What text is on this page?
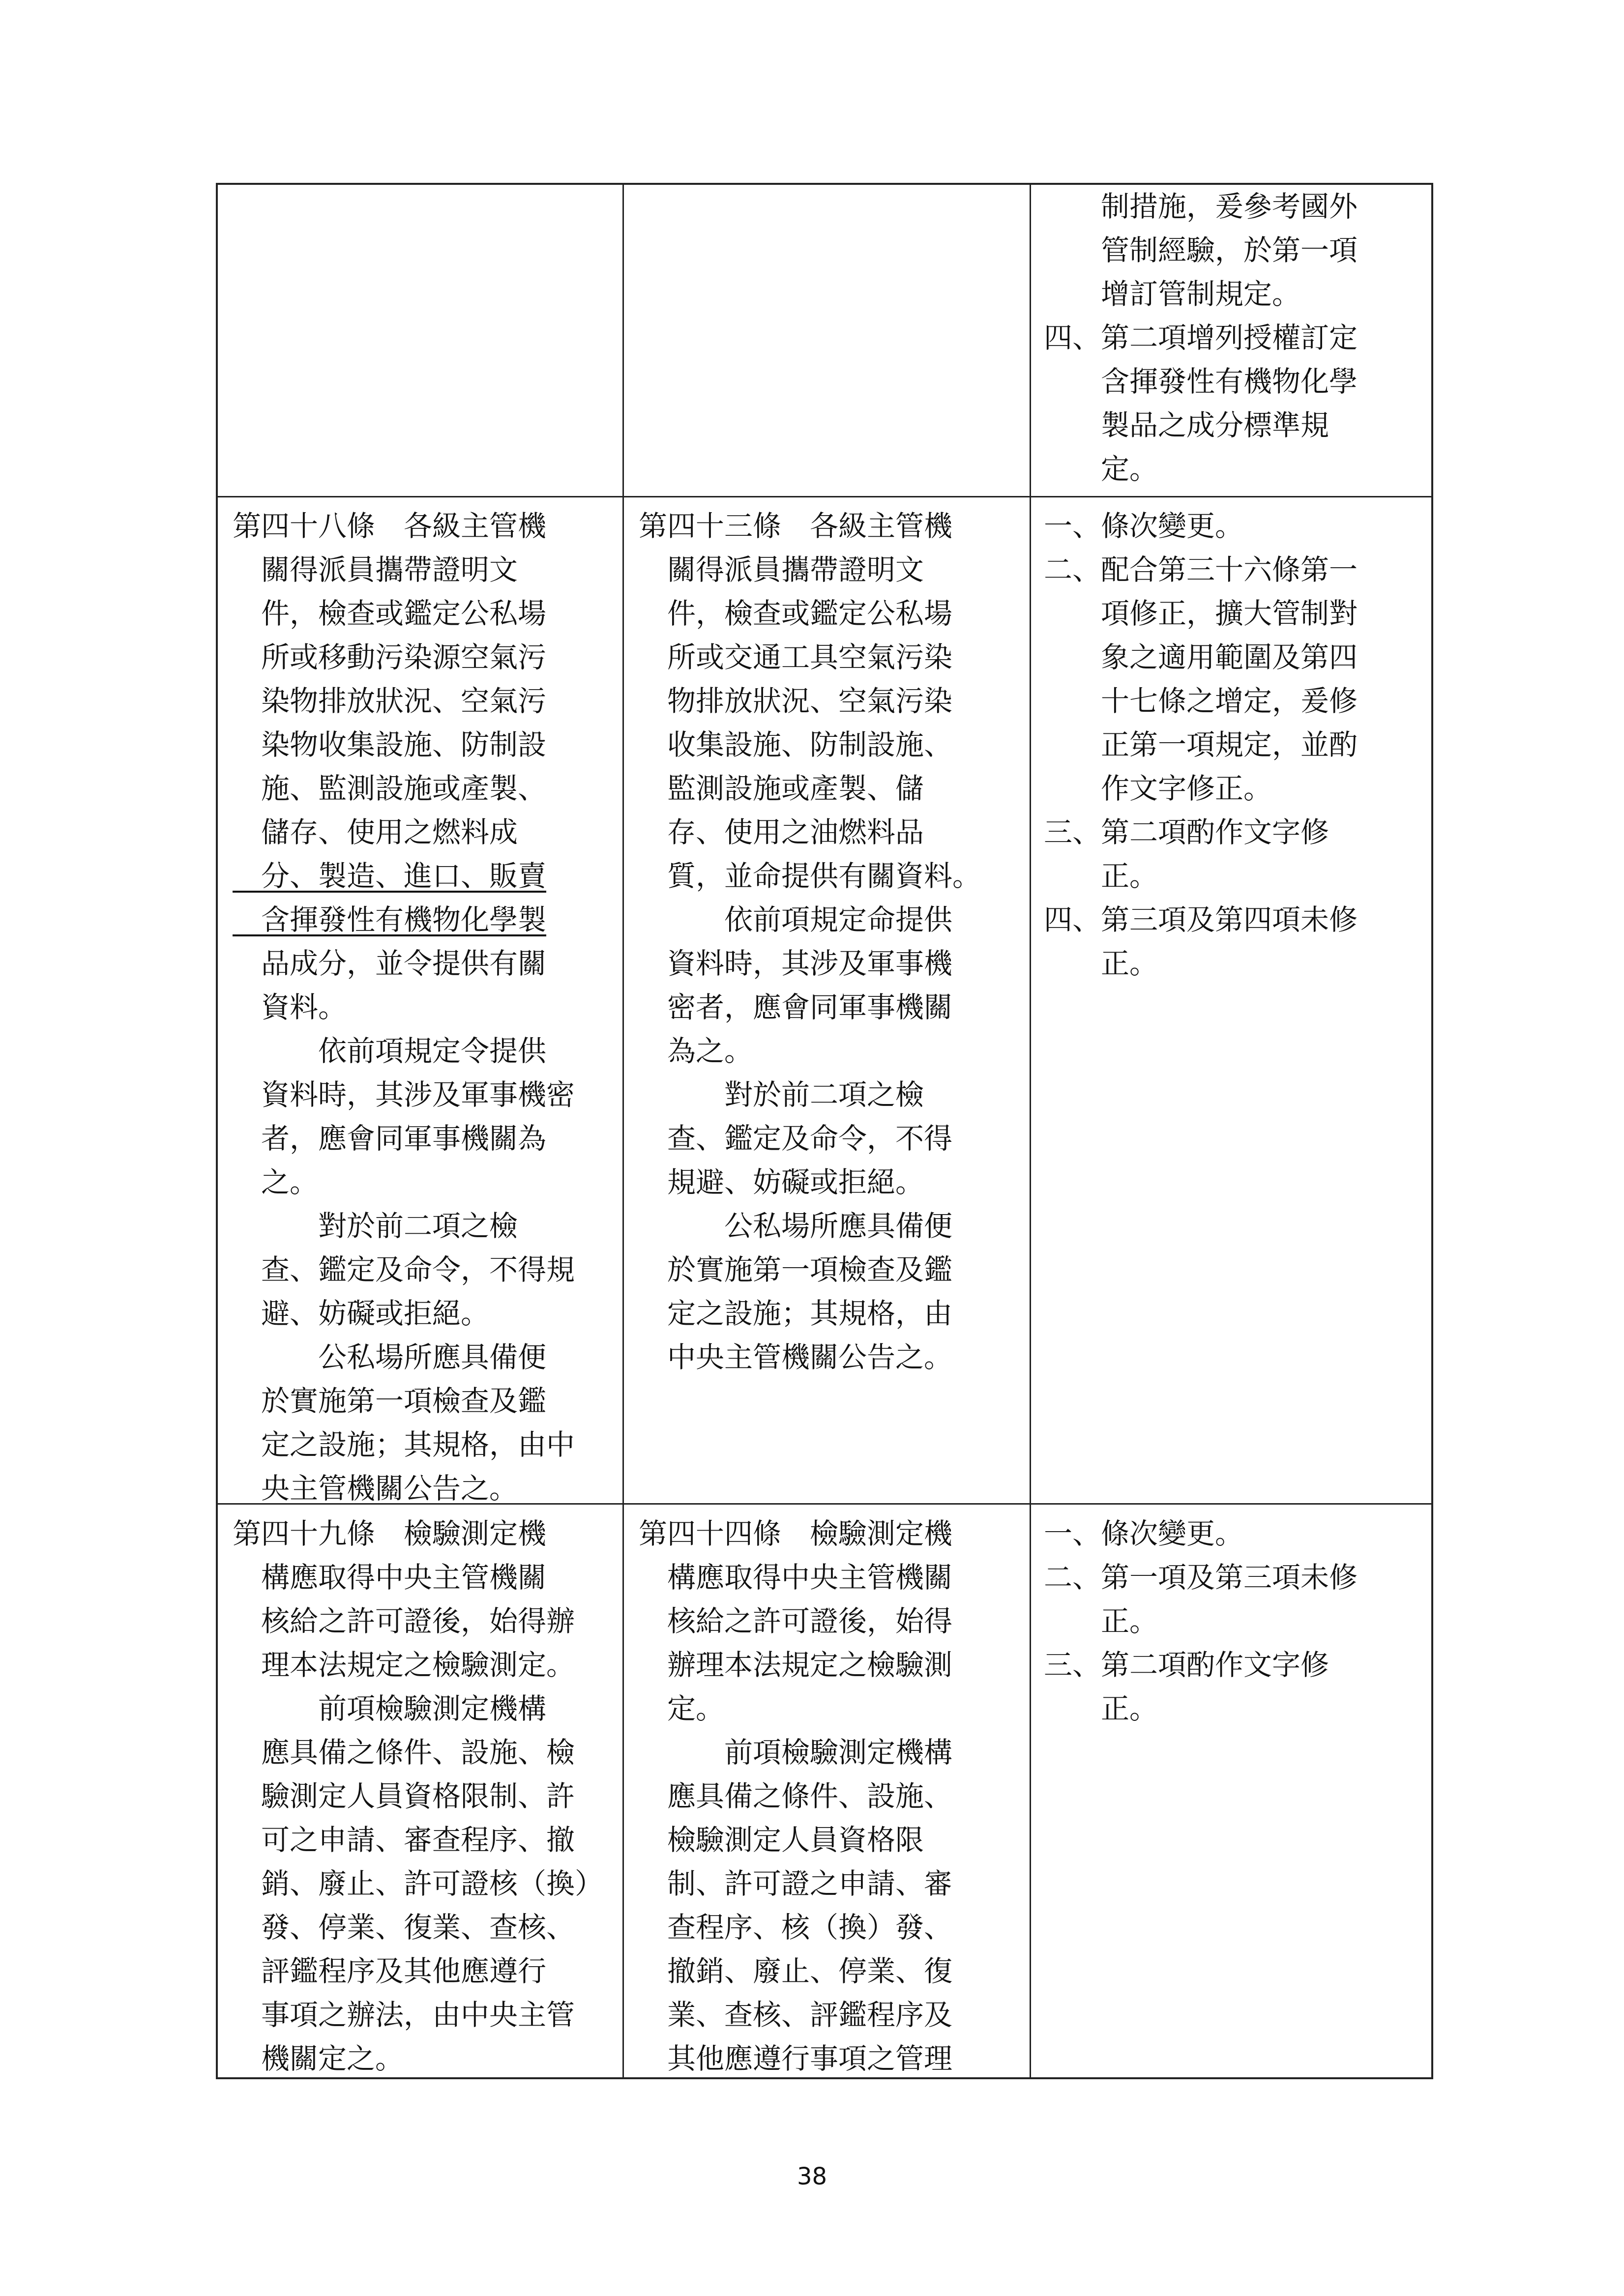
　　制措施，爰參考國外
　　管制經驗，於第一項
　　增訂管制規定。
四、第二項增列授權訂定
　　含揮發性有機物化學
　　製品之成分標準規
　　定。
第四十八條　各級主管機
　關得派員攜帶證明文
　件，檢查或鑑定公私場
　所或移動污染源空氣污
　染物排放狀況、空氣污
　染物收集設施、防制設
　施、監測設施或產製、
　儲存、使用之燃料成
　分、製造、進口、販賣
　含揮發性有機物化學製
　品成分，並令提供有關
　資料。
　　　依前項規定令提供
　資料時，其涉及軍事機密
　者，應會同軍事機關為
　之。
　　　對於前二項之檢
　查、鑑定及命令，不得規
　避、妨礙或拒絕。
　　　公私場所應具備便
　於實施第一項檢查及鑑
　定之設施；其規格，由中
　央主管機關公告之。
第四十三條　各級主管機
　關得派員攜帶證明文
　件，檢查或鑑定公私場
　所或交通工具空氣污染
　物排放狀況、空氣污染
　收集設施、防制設施、
　監測設施或產製、儲
　存、使用之油燃料品
　質，並命提供有關資料。
　　　依前項規定命提供
　資料時，其涉及軍事機
　密者，應會同軍事機關
　為之。
　　　對於前二項之檢
　查、鑑定及命令，不得
　規避、妨礙或拒絕。
　　　公私場所應具備便
　於實施第一項檢查及鑑
　定之設施；其規格，由
　中央主管機關公告之。
一、條次變更。
二、配合第三十六條第一
　　項修正，擴大管制對
　　象之適用範圍及第四
　　十七條之增定，爰修
　　正第一項規定，並酌
　　作文字修正。
三、第二項酌作文字修
　　正。
四、第三項及第四項未修
　　正。
第四十九條　檢驗測定機
　構應取得中央主管機關
　核給之許可證後，始得辦
　理本法規定之檢驗測定。
　　　前項檢驗測定機構
　應具備之條件、設施、檢
　驗測定人員資格限制、許
　可之申請、審查程序、撤
　銷、廢止、許可證核（換）
　發、停業、復業、查核、
　評鑑程序及其他應遵行
　事項之辦法，由中央主管
　機關定之。
第四十四條　檢驗測定機
　構應取得中央主管機關
　核給之許可證後，始得
　辦理本法規定之檢驗測
　定。
　　　前項檢驗測定機構
　應具備之條件、設施、
　檢驗測定人員資格限
　制、許可證之申請、審
　查程序、核（換）發、
　撤銷、廢止、停業、復
　業、查核、評鑑程序及
　其他應遵行事項之管理
一、條次變更。
二、第一項及第三項未修
　　正。
三、第二項酌作文字修
　　正。
38
